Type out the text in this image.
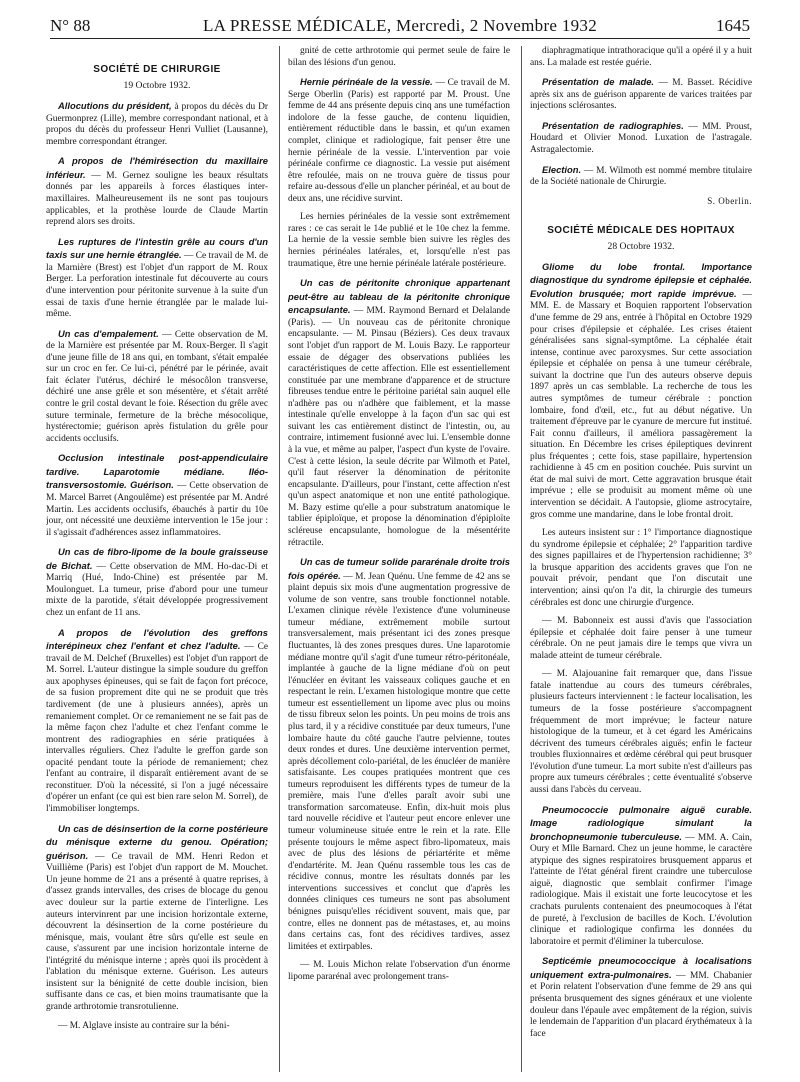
N° 88	LA PRESSE MÉDICALE, Mercredi, 2 Novembre 1932	1645
SOCIÉTÉ DE CHIRURGIE
19 Octobre 1932.

Allocutions du président, à propos du décès du Dr Guermonprez (Lille), membre correspondant national, et à propos du décès du professeur Henri Vulliet (Lausanne), membre correspondant étranger.

A propos de l'hémirésection du maxillaire inférieur. — M. Gernez souligne les beaux résultats donnés par les appareils à forces élastiques inter-maxillaires. Malheureusement ils ne sont pas toujours applicables, et la prothèse lourde de Claude Martin reprend alors ses droits.

Les ruptures de l'intestin grêle au cours d'un taxis sur une hernie étranglée. — Ce travail de M. de la Marnière (Brest) est l'objet d'un rapport de M. Roux Berger. La perforation intestinale fut découverte au cours d'une intervention pour péritonite survenue à la suite d'un essai de taxis d'une hernie étranglée par le malade lui-même.

Un cas d'empalement. — Cette observation de M. de la Marnière est présentée par M. Roux-Berger. Il s'agit d'une jeune fille de 18 ans qui, en tombant, s'était empalée sur un croc en fer. Ce lui-ci, pénétré par le périnée, avait fait éclater l'utérus, déchiré le mésocôlon transverse, déchiré une anse grêle et son mésentère, et s'était arrêté contre le gril costal devant le foie. Résection du grêle avec suture terminale, fermeture de la brèche mésocolique, hystérectomie; guérison après fistulation du grêle pour accidents occlusifs.

Occlusion intestinale post-appendiculaire tardive. Laparotomie médiane. Iléo-transversostomie. Guérison. — Cette observation de M. Marcel Barret (Angoulême) est présentée par M. André Martin. Les accidents occlusifs, ébauchés à partir du 10e jour, ont nécessité une deuxième intervention le 15e jour : il s'agissait d'adhérences assez inflammatoires.

Un cas de fibro-lipome de la boule graisseuse de Bichat. — Cette observation de MM. Ho-dac-Di et Marriq (Hué, Indo-Chine) est présentée par M. Moulonguet. La tumeur, prise d'abord pour une tumeur mixte de la parotide, s'était développée progressivement chez un enfant de 11 ans.

A propos de l'évolution des greffons interépineux chez l'enfant et chez l'adulte. — Ce travail de M. Delchef (Bruxelles) est l'objet d'un rapport de M. Sorrel. L'auteur distingue la simple soudure du greffon aux apophyses épineuses, qui se fait de façon fort précoce, de sa fusion proprement dite qui ne se produit que très tardivement (de une à plusieurs années), après un remaniement complet. Or ce remaniement ne se fait pas de la même façon chez l'adulte et chez l'enfant comme le montrent des radiographies en série pratiquées à intervalles réguliers. Chez l'adulte le greffon garde son opacité pendant toute la période de remaniement; chez l'enfant au contraire, il disparaît entièrement avant de se reconstituer. D'où la nécessité, si l'on a jugé nécessaire d'opérer un enfant (ce qui est bien rare selon M. Sorrel), de l'immobiliser longtemps.

Un cas de désinsertion de la corne postérieure du ménisque externe du genou. Opération; guérison. — Ce travail de MM. Henri Redon et Vuillième (Paris) est l'objet d'un rapport de M. Mouchet. Un jeune homme de 21 ans a présenté à quatre reprises, à d'assez grands intervalles, des crises de blocage du genou avec douleur sur la partie externe de l'interligne. Les auteurs intervinrent par une incision horizontale externe, découvrent la désinsertion de la corne postérieure du ménisque, mais, voulant être sûrs qu'elle est seule en cause, s'assurent par une incision horizontale interne de l'intégrité du ménisque interne ; après quoi ils procèdent à l'ablation du ménisque externe. Guérison. Les auteurs insistent sur la bénignité de cette double incision, bien suffisante dans ce cas, et bien moins traumatisante que la grande arthrotomie transrotulienne.

— M. Alglave insiste au contraire sur la béni-

gnité de cette arthrotomie qui permet seule de faire le bilan des lésions d'un genou.

Hernie périnéale de la vessie. — Ce travail de M. Serge Oberlin (Paris) est rapporté par M. Proust. Une femme de 44 ans présente depuis cinq ans une tuméfaction indolore de la fesse gauche, de contenu liquidien, entièrement réductible dans le bassin, et qu'un examen complet, clinique et radiologique, fait penser être une hernie périnéale de la vessie. L'intervention par voie périnéale confirme ce diagnostic. La vessie put aisément être refoulée, mais on ne trouva guère de tissus pour refaire au-dessous d'elle un plancher périnéal, et au bout de deux ans, une récidive survint.

Les hernies périnéales de la vessie sont extrêmement rares : ce cas serait le 14e publié et le 10e chez la femme. La hernie de la vessie semble bien suivre les règles des hernies périnéales latérales, et, lorsqu'elle n'est pas traumatique, être une hernie périnéale latérale postérieure.

Un cas de péritonite chronique appartenant peut-être au tableau de la péritonite chronique encapsulante. — MM. Raymond Bernard et Delalande (Paris). — Un nouveau cas de péritonite chronique encapsulante. — M. Pinsau (Béziers). Ces deux travaux sont l'objet d'un rapport de M. Louis Bazy. Le rapporteur essaie de dégager des observations publiées les caractéristiques de cette affection. Elle est essentiellement constituée par une membrane d'apparence et de structure fibreuses tendue entre le péritoine pariétal sain auquel elle n'adhère pas ou n'adhère que faiblement, et la masse intestinale qu'elle enveloppe à la façon d'un sac qui est suivant les cas entièrement distinct de l'intestin, ou, au contraire, intimement fusionné avec lui. L'ensemble donne à la vue, et même au palper, l'aspect d'un kyste de l'ovaire. C'est à cette lésion, la seule décrite par Wilmoth et Patel, qu'il faut réserver la dénomination de péritonite encapsulante. D'ailleurs, pour l'instant, cette affection n'est qu'un aspect anatomique et non une entité pathologique. M. Bazy estime qu'elle a pour substratum anatomique le tablier épiploïque, et propose la dénomination d'épiploïte scléreuse encapsulante, homologue de la mésentérite rétractile.

Un cas de tumeur solide pararénale droite trois fois opérée. — M. Jean Quénu. Une femme de 42 ans se plaint depuis six mois d'une augmentation progressive de volume de son ventre, sans trouble fonctionnel notable. L'examen clinique révèle l'existence d'une volumineuse tumeur médiane, extrêmement mobile surtout transversalement, mais présentant ici des zones presque fluctuantes, là des zones presques dures. Une laparotomie médiane montre qu'il s'agit d'une tumeur rétro-péritonéale, implantée à gauche de la ligne médiane d'où on peut l'énucléer en évitant les vaisseaux coliques gauche et en respectant le rein. L'examen histologique montre que cette tumeur est essentiellement un lipome avec plus ou moins de tissu fibreux selon les points. Un peu moins de trois ans plus tard, il y a récidive constituée par deux tumeurs, l'une lombaire haute du côté gauche l'autre pelvienne, toutes deux rondes et dures. Une deuxième intervention permet, après décollement colo-pariétal, de les énucléer de manière satisfaisante. Les coupes pratiquées montrent que ces tumeurs reproduisent les différents types de tumeur de la première, mais l'une d'elles paraît avoir subi une transformation sarcomateuse. Enfin, dix-huit mois plus tard nouvelle récidive et l'auteur peut encore enlever une tumeur volumineuse située entre le rein et la rate. Elle présente toujours le même aspect fibro-lipomateux, mais avec de plus des lésions de périartérite et même d'endartérite. M. Jean Quénu rassemble tous les cas de récidive connus, montre les résultats donnés par les interventions successives et conclut que d'après les données cliniques ces tumeurs ne sont pas absolument bénignes puisqu'elles récidivent souvent, mais que, par contre, elles ne donnent pas de métastases, et, au moins dans certains cas, font des récidives tardives, assez limitées et extirpables.

— M. Louis Michon relate l'observation d'un énorme lipome pararénal avec prolongement trans-

diaphragmatique intrathoracique qu'il a opéré il y a huit ans. La malade est restée guérie.

Présentation de malade. — M. Basset. Récidive après six ans de guérison apparente de varices traitées par injections sclérosantes.

Présentation de radiographies. — MM. Proust, Houdard et Olivier Monod. Luxation de l'astragale. Astragalectomie.

Election. — M. Wilmoth est nommé membre titulaire de la Société nationale de Chirurgie.

S. Oberlin.
SOCIÉTÉ MÉDICALE DES HOPITAUX
28 Octobre 1932.

Gliome du lobe frontal. Importance diagnostique du syndrome épilepsie et céphalée. Evolution brusquée; mort rapide imprévue. — MM. E. de Massary et Boquien rapportent l'observation d'une femme de 29 ans, entrée à l'hôpital en Octobre 1929 pour crises d'épilepsie et céphalée. Les crises étaient généralisées sans signal-symptôme. La céphalée était intense, continue avec paroxysmes. Sur cette association épilepsie et céphalée on pensa à une tumeur cérébrale, suivant la doctrine que l'un des auteurs observe depuis 1897 après un cas semblable. La recherche de tous les autres symptômes de tumeur cérébrale : ponction lombaire, fond d'œil, etc., fut au début négative. Un traitement d'épreuve par le cyanure de mercure fut institué. Fait connu d'ailleurs, il améliora passagèrement la situation. En Décembre les crises épileptiques devinrent plus fréquentes ; cette fois, stase papillaire, hypertension rachidienne à 45 cm en position couchée. Puis survint un état de mal suivi de mort. Cette aggravation brusque était imprévue ; elle se produisit au moment même où une intervention se décidait. A l'autopsie, gliome astrocytaire, gros comme une mandarine, dans le lobe frontal droit.

Les auteurs insistent sur : 1° l'importance diagnostique du syndrome épilepsie et céphalée; 2° l'apparition tardive des signes papillaires et de l'hypertension rachidienne; 3° la brusque apparition des accidents graves que l'on ne pouvait prévoir, pendant que l'on discutait une intervention; ainsi qu'on l'a dit, la chirurgie des tumeurs cérébrales est donc une chirurgie d'urgence.

— M. Babonneix est aussi d'avis que l'association épilepsie et céphalée doit faire penser à une tumeur cérébrale. On ne peut jamais dire le temps que vivra un malade atteint de tumeur cérébrale.

— M. Alajouanine fait remarquer que, dans l'issue fatale inattendue au cours des tumeurs cérébrales, plusieurs facteurs interviennent : le facteur localisation, les tumeurs de la fosse postérieure s'accompagnent fréquemment de mort imprévue; le facteur nature histologique de la tumeur, et à cet égard les Américains décrivent des tumeurs cérébrales aiguës; enfin le facteur troubles fluxionnaires et œdème cérébral qui peut brusquer l'évolution d'une tumeur. La mort subite n'est d'ailleurs pas propre aux tumeurs cérébrales ; cette éventualité s'observe aussi dans l'abcès du cerveau.

Pneumococcie pulmonaire aiguë curable. Image radiologique simulant la bronchopneumonie tuberculeuse. — MM. A. Cain, Oury et Mlle Barnard. Chez un jeune homme, le caractère atypique des signes respiratoires brusquement apparus et l'atteinte de l'état général firent craindre une tuberculose aiguë, diagnostic que semblait confirmer l'image radiologique. Mais il existait une forte leucocytose et les crachats purulents contenaient des pneumocoques à l'état de pureté, à l'exclusion de bacilles de Koch. L'évolution clinique et radiologique confirma les données du laboratoire et permit d'éliminer la tuberculose.

Septicémie pneumococcique à localisations uniquement extra-pulmonaires. — MM. Chabanier et Porin relatent l'observation d'une femme de 29 ans qui présenta brusquement des signes généraux et une violente douleur dans l'épaule avec empâtement de la région, suivis le lendemain de l'apparition d'un placard érythémateux à la face
